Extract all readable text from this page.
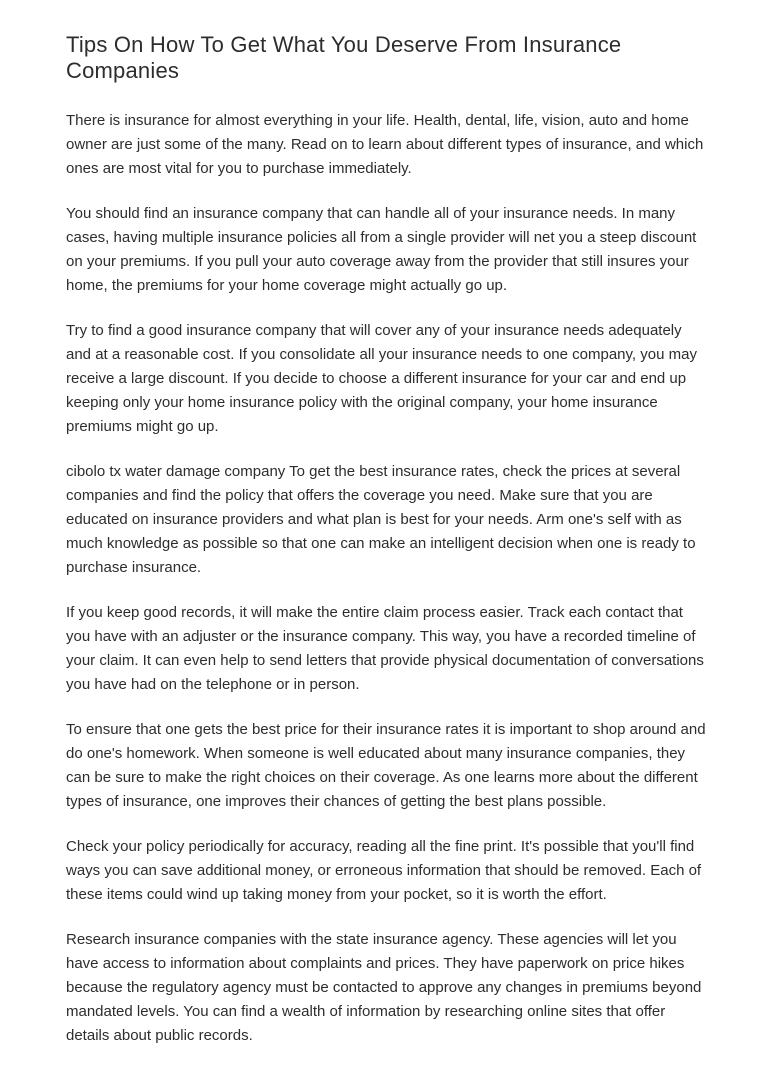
Tips On How To Get What You Deserve From Insurance Companies

There is insurance for almost everything in your life. Health, dental, life, vision, auto and home owner are just some of the many. Read on to learn about different types of insurance, and which ones are most vital for you to purchase immediately.

You should find an insurance company that can handle all of your insurance needs. In many cases, having multiple insurance policies all from a single provider will net you a steep discount on your premiums. If you pull your auto coverage away from the provider that still insures your home, the premiums for your home coverage might actually go up.

Try to find a good insurance company that will cover any of your insurance needs adequately and at a reasonable cost. If you consolidate all your insurance needs to one company, you may receive a large discount. If you decide to choose a different insurance for your car and end up keeping only your home insurance policy with the original company, your home insurance premiums might go up.

cibolo tx water damage company To get the best insurance rates, check the prices at several companies and find the policy that offers the coverage you need. Make sure that you are educated on insurance providers and what plan is best for your needs. Arm one's self with as much knowledge as possible so that one can make an intelligent decision when one is ready to purchase insurance.

If you keep good records, it will make the entire claim process easier. Track each contact that you have with an adjuster or the insurance company. This way, you have a recorded timeline of your claim. It can even help to send letters that provide physical documentation of conversations you have had on the telephone or in person.

To ensure that one gets the best price for their insurance rates it is important to shop around and do one's homework. When someone is well educated about many insurance companies, they can be sure to make the right choices on their coverage. As one learns more about the different types of insurance, one improves their chances of getting the best plans possible.

Check your policy periodically for accuracy, reading all the fine print. It's possible that you'll find ways you can save additional money, or erroneous information that should be removed. Each of these items could wind up taking money from your pocket, so it is worth the effort.

Research insurance companies with the state insurance agency. These agencies will let you have access to information about complaints and prices. They have paperwork on price hikes because the regulatory agency must be contacted to approve any changes in premiums beyond mandated levels. You can find a wealth of information by researching online sites that offer details about public records.
